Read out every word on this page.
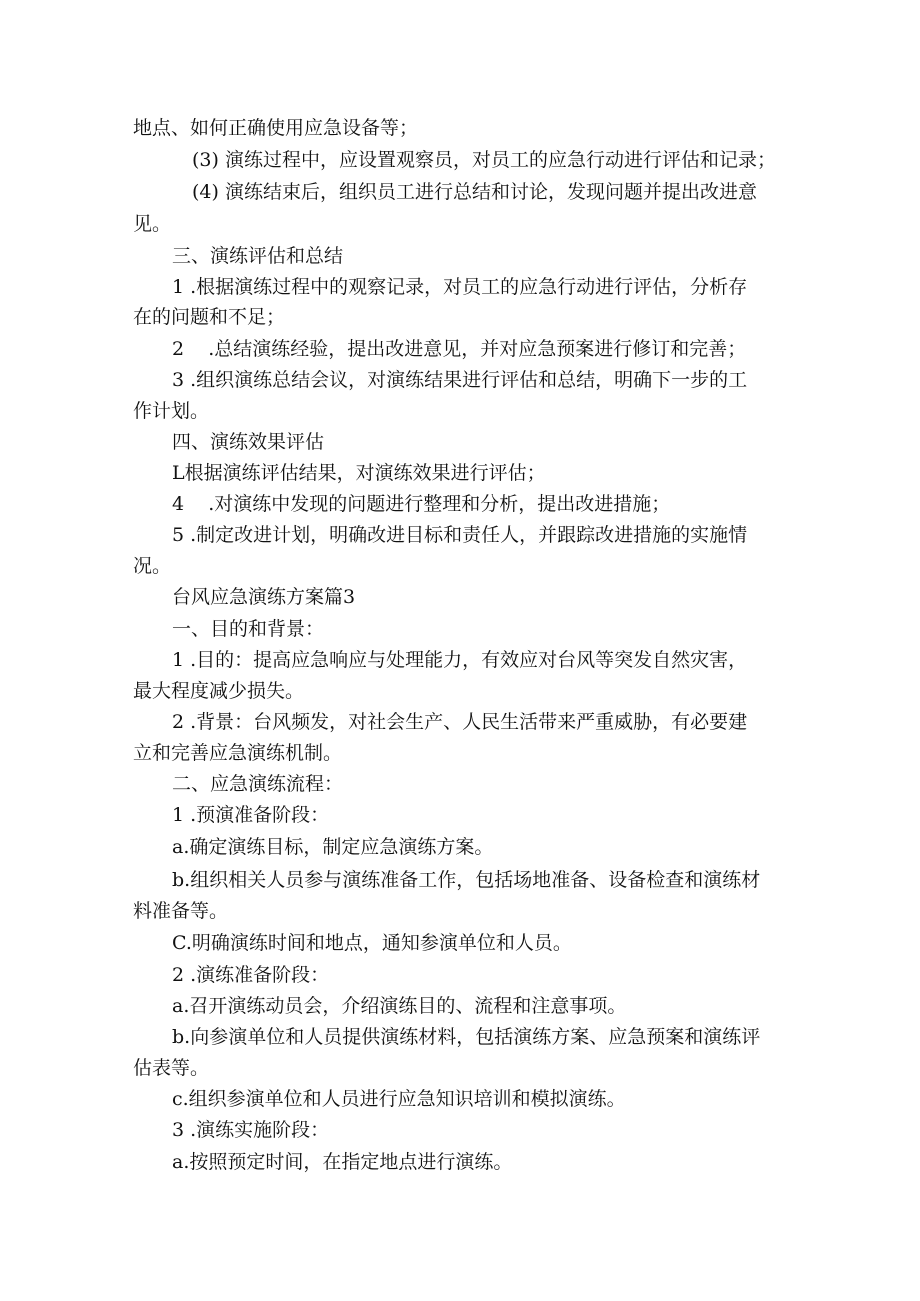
地点、如何正确使用应急设备等；
(3) 演练过程中，应设置观察员，对员工的应急行动进行评估和记录；
(4) 演练结束后，组织员工进行总结和讨论，发现问题并提出改进意
见。
三、演练评估和总结
1 .根据演练过程中的观察记录，对员工的应急行动进行评估，分析存
在的问题和不足；
2    .总结演练经验，提出改进意见，并对应急预案进行修订和完善；
3 .组织演练总结会议，对演练结果进行评估和总结，明确下一步的工
作计划。
四、演练效果评估
L根据演练评估结果，对演练效果进行评估；
4    .对演练中发现的问题进行整理和分析，提出改进措施；
5 .制定改进计划，明确改进目标和责任人，并跟踪改进措施的实施情
况。
台风应急演练方案篇3
一、目的和背景：
1 .目的：提高应急响应与处理能力，有效应对台风等突发自然灾害，
最大程度减少损失。
2 .背景：台风频发，对社会生产、人民生活带来严重威胁，有必要建
立和完善应急演练机制。
二、应急演练流程：
1 .预演准备阶段：
a.确定演练目标，制定应急演练方案。
b.组织相关人员参与演练准备工作，包括场地准备、设备检查和演练材
料准备等。
C.明确演练时间和地点，通知参演单位和人员。
2 .演练准备阶段：
a.召开演练动员会，介绍演练目的、流程和注意事项。
b.向参演单位和人员提供演练材料，包括演练方案、应急预案和演练评
估表等。
c.组织参演单位和人员进行应急知识培训和模拟演练。
3 .演练实施阶段：
a.按照预定时间，在指定地点进行演练。
